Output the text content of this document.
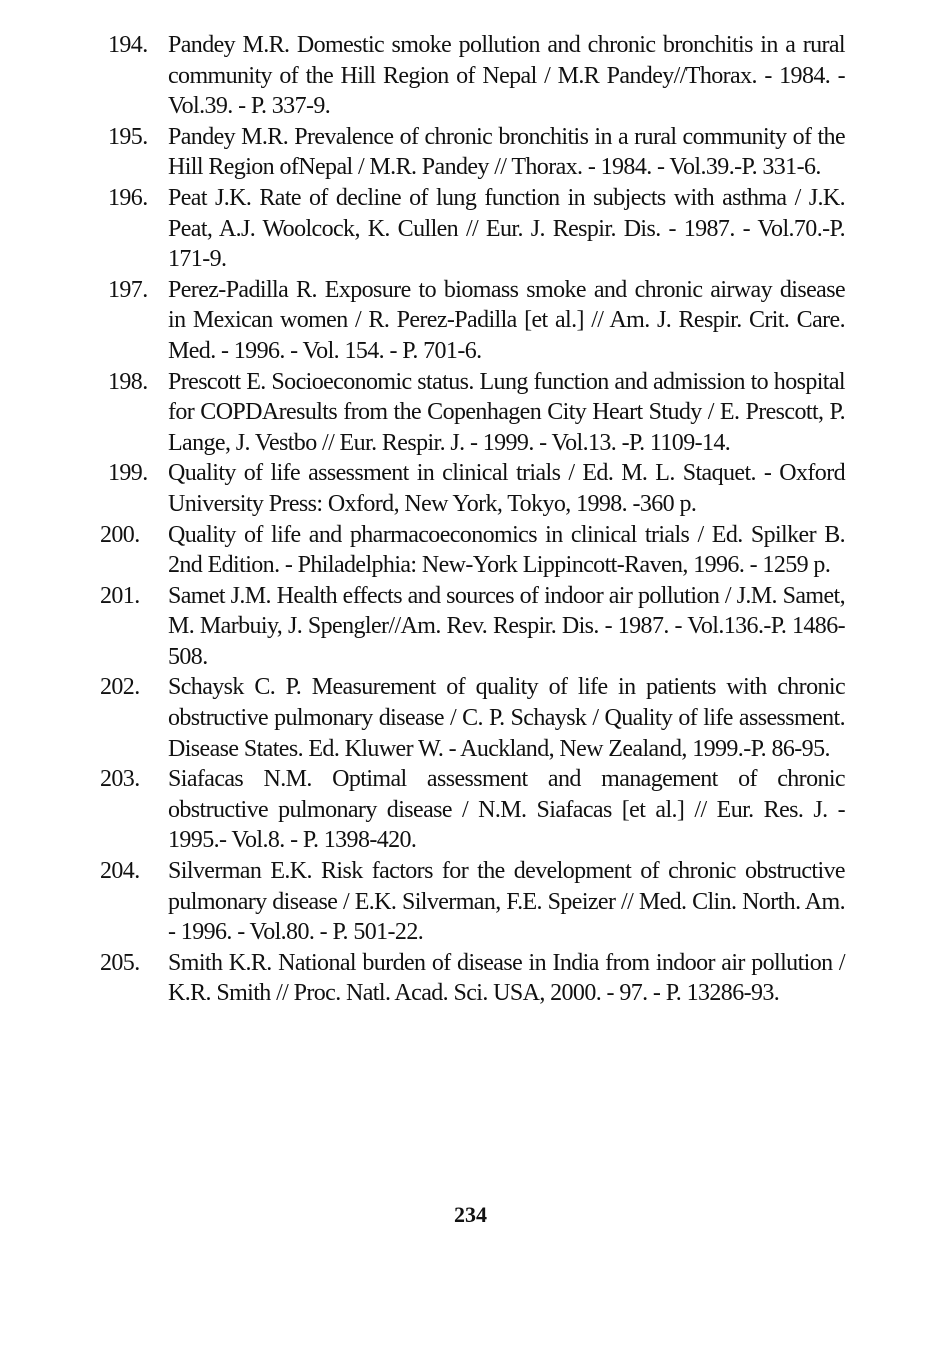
194. Pandey M.R. Domestic smoke pollution and chronic bronchitis in a rural community of the Hill Region of Nepal / M.R Pandey//Thorax. - 1984. - Vol.39. - P. 337-9.
195. Pandey M.R. Prevalence of chronic bronchitis in a rural community of the Hill Region ofNepal / M.R. Pandey // Thorax. - 1984. - Vol.39.-P. 331-6.
196. Peat J.K. Rate of decline of lung function in subjects with asthma / J.K. Peat, A.J. Woolcock, K. Cullen // Eur. J. Respir. Dis. - 1987. - Vol.70.-P. 171-9.
197. Perez-Padilla R. Exposure to biomass smoke and chronic airway disease in Mexican women / R. Perez-Padilla [et al.] // Am. J. Respir. Crit. Care. Med. - 1996. - Vol. 154. - P. 701-6.
198. Prescott E. Socioeconomic status. Lung function and admission to hospital for COPDAresults from the Copenhagen City Heart Study / E. Prescott, P. Lange, J. Vestbo // Eur. Respir. J. - 1999. - Vol.13. -P. 1109-14.
199. Quality of life assessment in clinical trials / Ed. M. L. Staquet. - Oxford University Press: Oxford, New York, Tokyo, 1998. -360 p.
200.	Quality of life and pharmacoeconomics in clinical trials / Ed. Spilker B. 2nd Edition. - Philadelphia: New-York Lippincott-Raven, 1996. - 1259 p.
201.	Samet J.M. Health effects and sources of indoor air pollution / J.M. Samet, M. Marbuiy, J. Spengler//Am. Rev. Respir. Dis. - 1987. - Vol.136.-P. 1486-508.
202.	Schaysk C. P. Measurement of quality of life in patients with chronic obstructive pulmonary disease / C. P. Schaysk / Quality of life assessment. Disease States. Ed. Kluwer W. - Auckland, New Zealand, 1999.-P. 86-95.
203.	Siafacas N.M. Optimal assessment and management of chronic obstructive pulmonary disease / N.M. Siafacas [et al.] // Eur. Res. J. - 1995.- Vol.8. - P. 1398-420.
204.	Silverman E.K. Risk factors for the development of chronic obstructive pulmonary disease / E.K. Silverman, F.E. Speizer // Med. Clin. North. Am. - 1996. - Vol.80. - P. 501-22.
205.	Smith K.R. National burden of disease in India from indoor air pollution / K.R. Smith // Proc. Natl. Acad. Sci. USA, 2000. - 97. - P. 13286-93.
234
